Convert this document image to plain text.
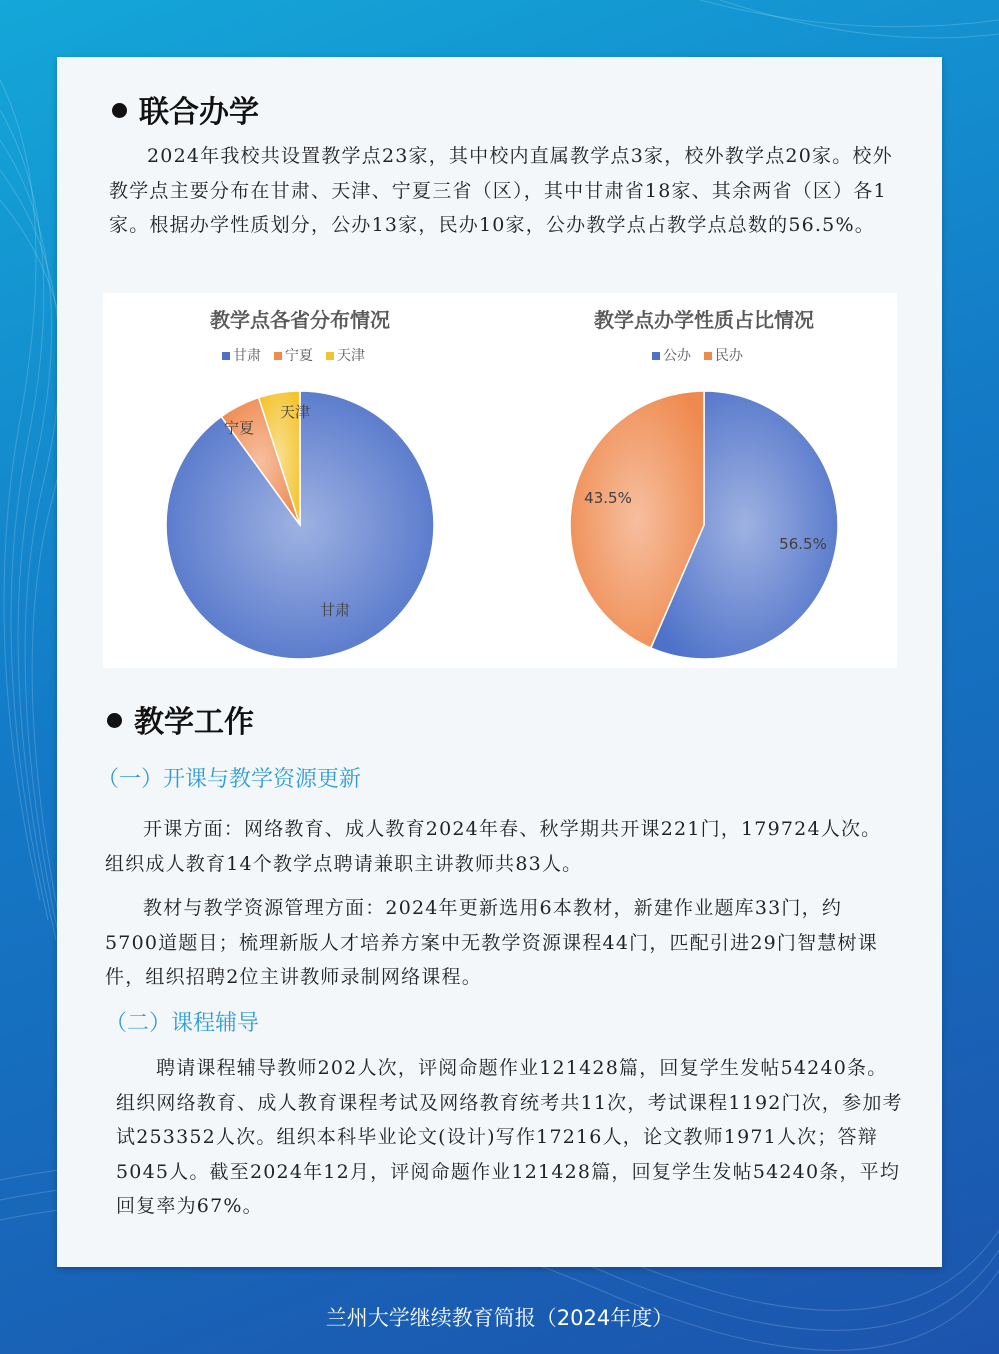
联合办学

2024年我校共设置教学点23家，其中校内直属教学点3家，校外教学点20家。校外教学点主要分布在甘肃、天津、宁夏三省（区），其中甘肃省18家、其余两省（区）各1家。根据办学性质划分，公办13家，民办10家，公办教学点占教学点总数的56.5%。

教学点各省分布情况
甘肃 宁夏 天津
甘肃
宁夏
天津
教学点办学性质占比情况
公办 民办
56.5%
43.5%
教学工作
（一）开课与教学资源更新

开课方面：网络教育、成人教育2024年春、秋学期共开课221门，179724人次。组织成人教育14个教学点聘请兼职主讲教师共83人。

教材与教学资源管理方面：2024年更新选用6本教材，新建作业题库33门，约5700道题目；梳理新版人才培养方案中无教学资源课程44门，匹配引进29门智慧树课件，组织招聘2位主讲教师录制网络课程。

（二）课程辅导

聘请课程辅导教师202人次，评阅命题作业121428篇，回复学生发帖54240条。组织网络教育、成人教育课程考试及网络教育统考共11次，考试课程1192门次，参加考试253352人次。组织本科毕业论文(设计)写作17216人，论文教师1971人次；答辩5045人。截至2024年12月，评阅命题作业121428篇，回复学生发帖54240条，平均回复率为67%。

兰州大学继续教育简报（2024年度）
